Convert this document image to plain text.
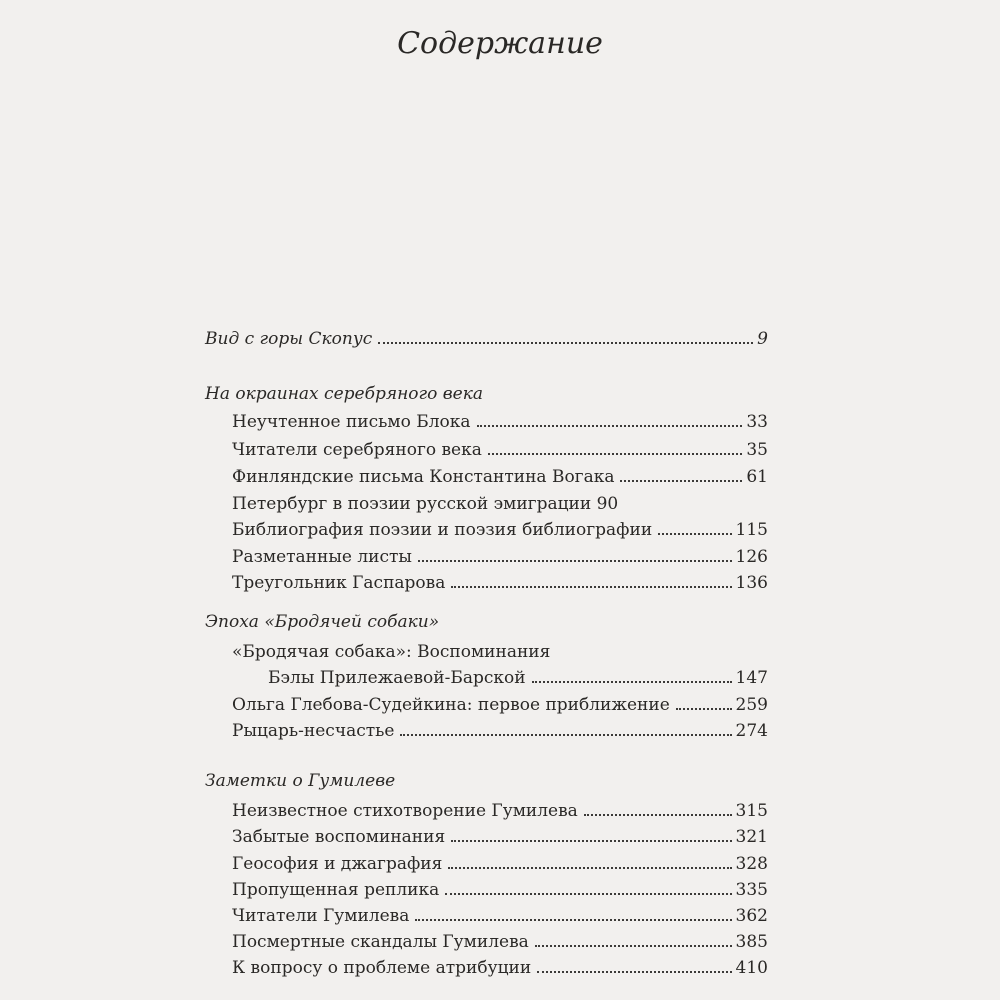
Содержание
Вид с горы Скопус	9
На окраинах серебряного века
Неучтенное письмо Блока	33
Читатели серебряного века	35
Финляндские письма Константина Вогака	61
Петербург в поэзии русской эмиграции 90
Библиография поэзии и поэзия библиографии	115
Разметанные листы	126
Треугольник Гаспарова	136
Эпоха «Бродячей собаки»
«Бродячая собака»: Воспоминания
Бэлы Прилежаевой-Барской	147
Ольга Глебова-Судейкина: первое приближение	259
Рыцарь-несчастье	274
Заметки о Гумилеве
Неизвестное стихотворение Гумилева	315
Забытые воспоминания	321
Геософия и джаграфия	328
Пропущенная реплика	335
Читатели Гумилева	362
Посмертные скандалы Гумилева	385
К вопросу о проблеме атрибуции	410
